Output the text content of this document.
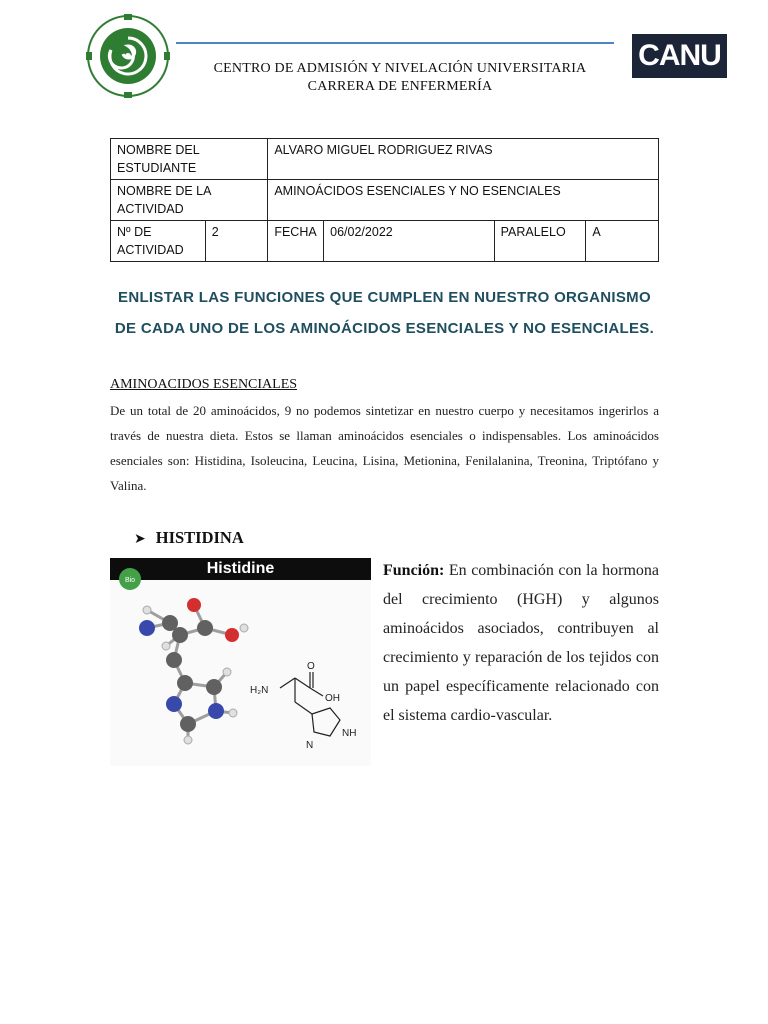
CENTRO DE ADMISIÓN Y NIVELACIÓN UNIVERSITARIA
CARRERA DE ENFERMERÍA
CANU
NOMBRE DEL ESTUDIANTE		ALVARO MIGUEL RODRIGUEZ RIVAS			
NOMBRE DE LA ACTIVIDAD		AMINOÁCIDOS ESENCIALES Y NO ESENCIALES			
Nº DE ACTIVIDAD	2	FECHA	06/02/2022	PARALELO	A
ENLISTAR LAS FUNCIONES QUE CUMPLEN EN NUESTRO ORGANISMO DE CADA UNO DE LOS AMINOÁCIDOS ESENCIALES Y NO ESENCIALES.
AMINOACIDOS ESENCIALES
De un total de 20 aminoácidos, 9 no podemos sintetizar en nuestro cuerpo y necesitamos ingerirlos a través de nuestra dieta. Estos se llaman aminoácidos esenciales o indispensables. Los aminoácidos esenciales son: Histidina, Isoleucina, Leucina, Lisina, Metionina, Fenilalanina, Treonina, Triptófano y Valina.
➤ HISTIDINA
Histidine
Bio
H₂N
O
OH
N
NH
Función: En combinación con la hormona del crecimiento (HGH) y algunos aminoácidos asociados, contribuyen al crecimiento y reparación de los tejidos con un papel específicamente relacionado con el sistema cardio-vascular.
